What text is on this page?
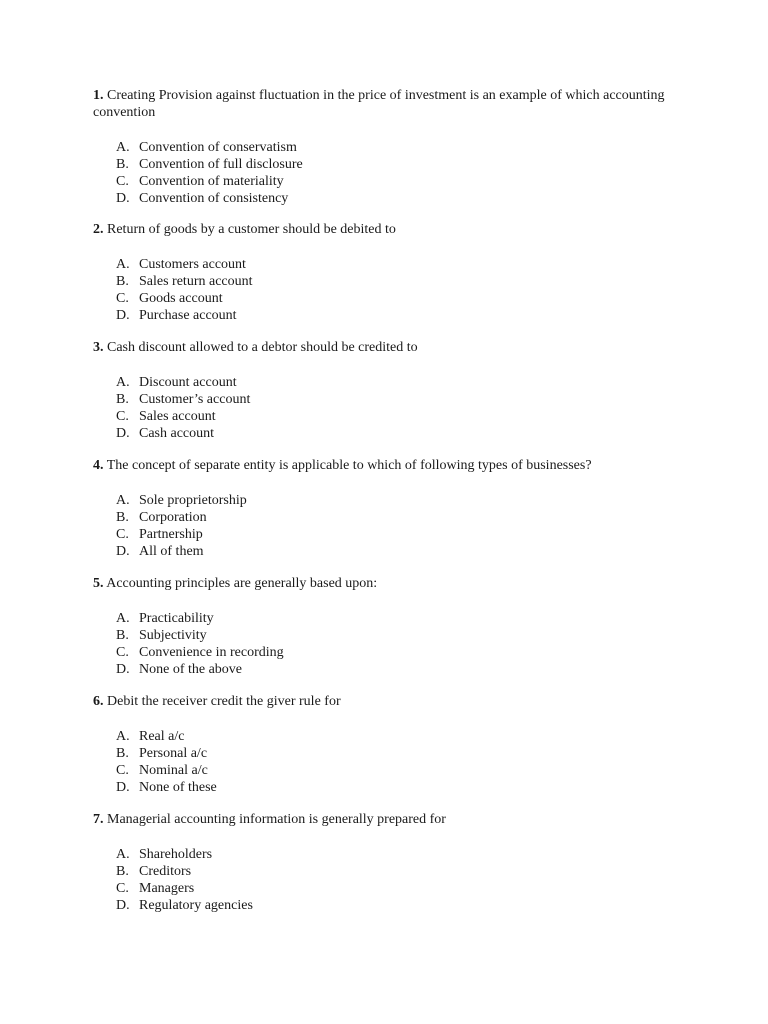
1. Creating Provision against fluctuation in the price of investment is an example of which accounting convention

A. Convention of conservatism
B. Convention of full disclosure
C. Convention of materiality
D. Convention of consistency

2. Return of goods by a customer should be debited to

A. Customers account
B. Sales return account
C. Goods account
D. Purchase account

3. Cash discount allowed to a debtor should be credited to

A. Discount account
B. Customer’s account
C. Sales account
D. Cash account

4. The concept of separate entity is applicable to which of following types of businesses?

A. Sole proprietorship
B. Corporation
C. Partnership
D. All of them

5. Accounting principles are generally based upon:

A. Practicability
B. Subjectivity
C. Convenience in recording
D. None of the above

6. Debit the receiver credit the giver rule for

A. Real a/c
B. Personal a/c
C. Nominal a/c
D. None of these

7. Managerial accounting information is generally prepared for

A. Shareholders
B. Creditors
C. Managers
D. Regulatory agencies
